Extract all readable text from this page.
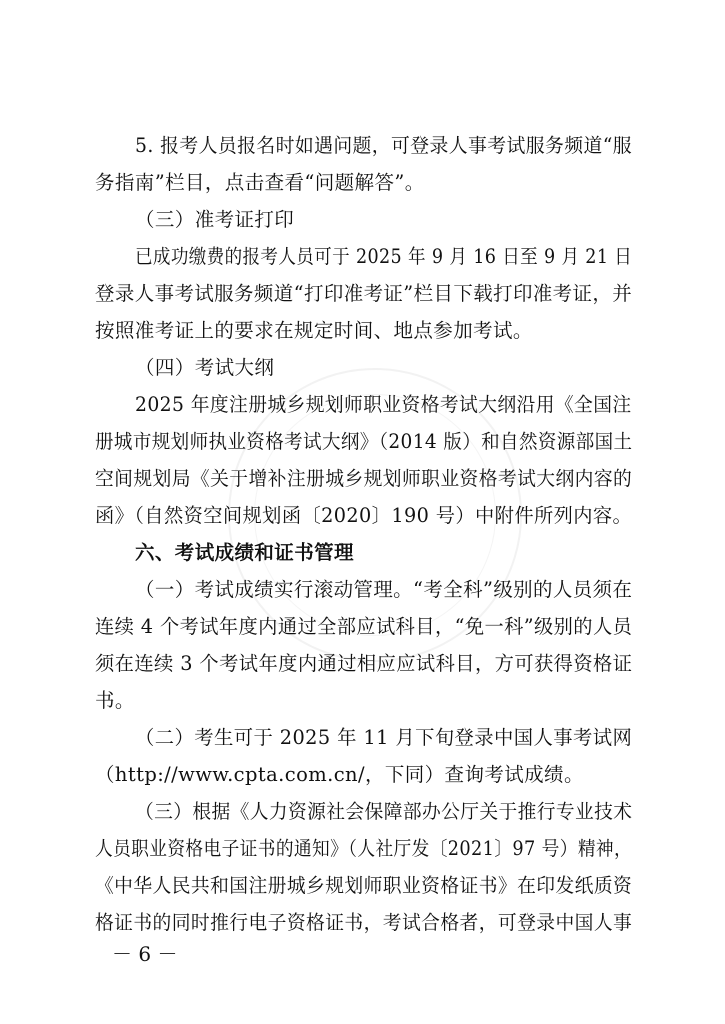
5. 报考人员报名时如遇问题，可登录人事考试服务频道“服
务指南”栏目，点击查看“问题解答”。
（三）准考证打印
已成功缴费的报考人员可于 2025 年 9 月 16 日至 9 月 21 日
登录人事考试服务频道“打印准考证”栏目下载打印准考证，并
按照准考证上的要求在规定时间、地点参加考试。
（四）考试大纲
2025 年度注册城乡规划师职业资格考试大纲沿用《全国注
册城市规划师执业资格考试大纲》（2014 版）和自然资源部国土
空间规划局《关于增补注册城乡规划师职业资格考试大纲内容的
函》（自然资空间规划函〔2020〕190 号）中附件所列内容。
六、考试成绩和证书管理
（一）考试成绩实行滚动管理。“考全科”级别的人员须在
连续 4 个考试年度内通过全部应试科目，“免一科”级别的人员
须在连续 3 个考试年度内通过相应应试科目，方可获得资格证
书。
（二）考生可于 2025 年 11 月下旬登录中国人事考试网
（http://www.cpta.com.cn/，下同）查询考试成绩。
（三）根据《人力资源社会保障部办公厅关于推行专业技术
人员职业资格电子证书的通知》（人社厅发〔2021〕97 号）精神，
《中华人民共和国注册城乡规划师职业资格证书》在印发纸质资
格证书的同时推行电子资格证书，考试合格者，可登录中国人事
－ 6 －
